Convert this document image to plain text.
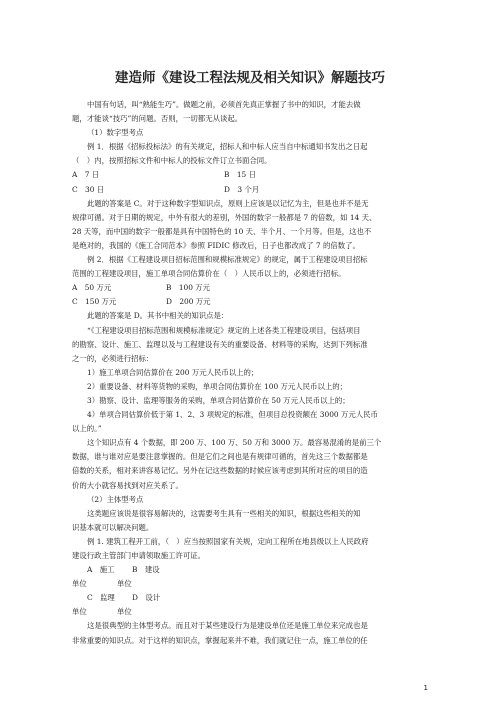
建造师《建设工程法规及相关知识》解题技巧

中国有句话，叫“熟能生巧”。做题之前，必须首先真正掌握了书中的知识，才能去做

题，才能谈“技巧”的问题。否则，一切都无从谈起。

（1）数字型考点

例 1．根据《招标投标法》的有关规定，招标人和中标人应当自中标通知书发出之日起

（　）内，按照招标文件和中标人的投标文件订立书面合同。

A　7 日	B　15 日
C　30 日	D　3 个月

此题的答案是 C。对于这种数字型知识点，原则上应该是以记忆为主，但是也并不是无

规律可循。对于日期的规定，中外有很大的差别，外国的数字一般都是 7 的倍数，如 14 天、

28 天等，而中国的数字一般都是具有中国特色的 10 天、半个月、一个月等。但是，这也不

是绝对的，我国的《施工合同范本》参照 FIDIC 修改后，日子也都改成了 7 的倍数了。

例 2．根据《工程建设项目招标范围和规模标准规定》的规定，属于工程建设项目招标

范围的工程建设项目，施工单项合同估算价在（　）人民币以上的，必须进行招标。

A　50 万元	B　100 万元
C　150 万元	D　200 万元

此题的答案是 D。其书中相关的知识点是：

“《工程建设项目招标范围和规模标准规定》规定的上述各类工程建设项目，包括项目

的勘察、设计、施工、监理以及与工程建设有关的重要设备、材料等的采购，达到下列标准

之一的，必须进行招标：

1）施工单项合同估算价在 200 万元人民币以上的；

2）重要设备、材料等货物的采购，单项合同估算价在 100 万元人民币以上的；

3）勘察、设计、监理等服务的采购，单项合同估算价在 50 万元人民币以上的；

4）单项合同估算价低于第 1、2、3 项规定的标准，但项目总投资额在 3000 万元人民币

以上的。”

这个知识点有 4 个数据，即 200 万、100 万、50 万和 3000 万。最容易混淆的是前三个

数据，谁与谁对应是要注意掌握的。但是它们之间也是有规律可循的，首先这三个数据都是

倍数的关系，相对来讲容易记忆。另外在记这些数据的时候应该考虑到其所对应的项目的造

价的大小就容易找到对应关系了。

（2）主体型考点

这类题应该说是很容易解决的，这需要考生具有一些相关的知识，根据这些相关的知

识基本就可以解决问题。

例 1. 建筑工程开工前，（　）应当按照国家有关规，定向工程所在地县级以上人民政府

建设行政主管部门申请领取施工许可证。

A　施工单位
B　建设单位
C　监理单位
D　设计单位

这是很典型的主体型考点。而且对于某些建设行为是建设单位还是施工单位来完成也是

非常重要的知识点。对于这样的知识点，掌握起来并不难，我们就记住一点，施工单位的任

1
